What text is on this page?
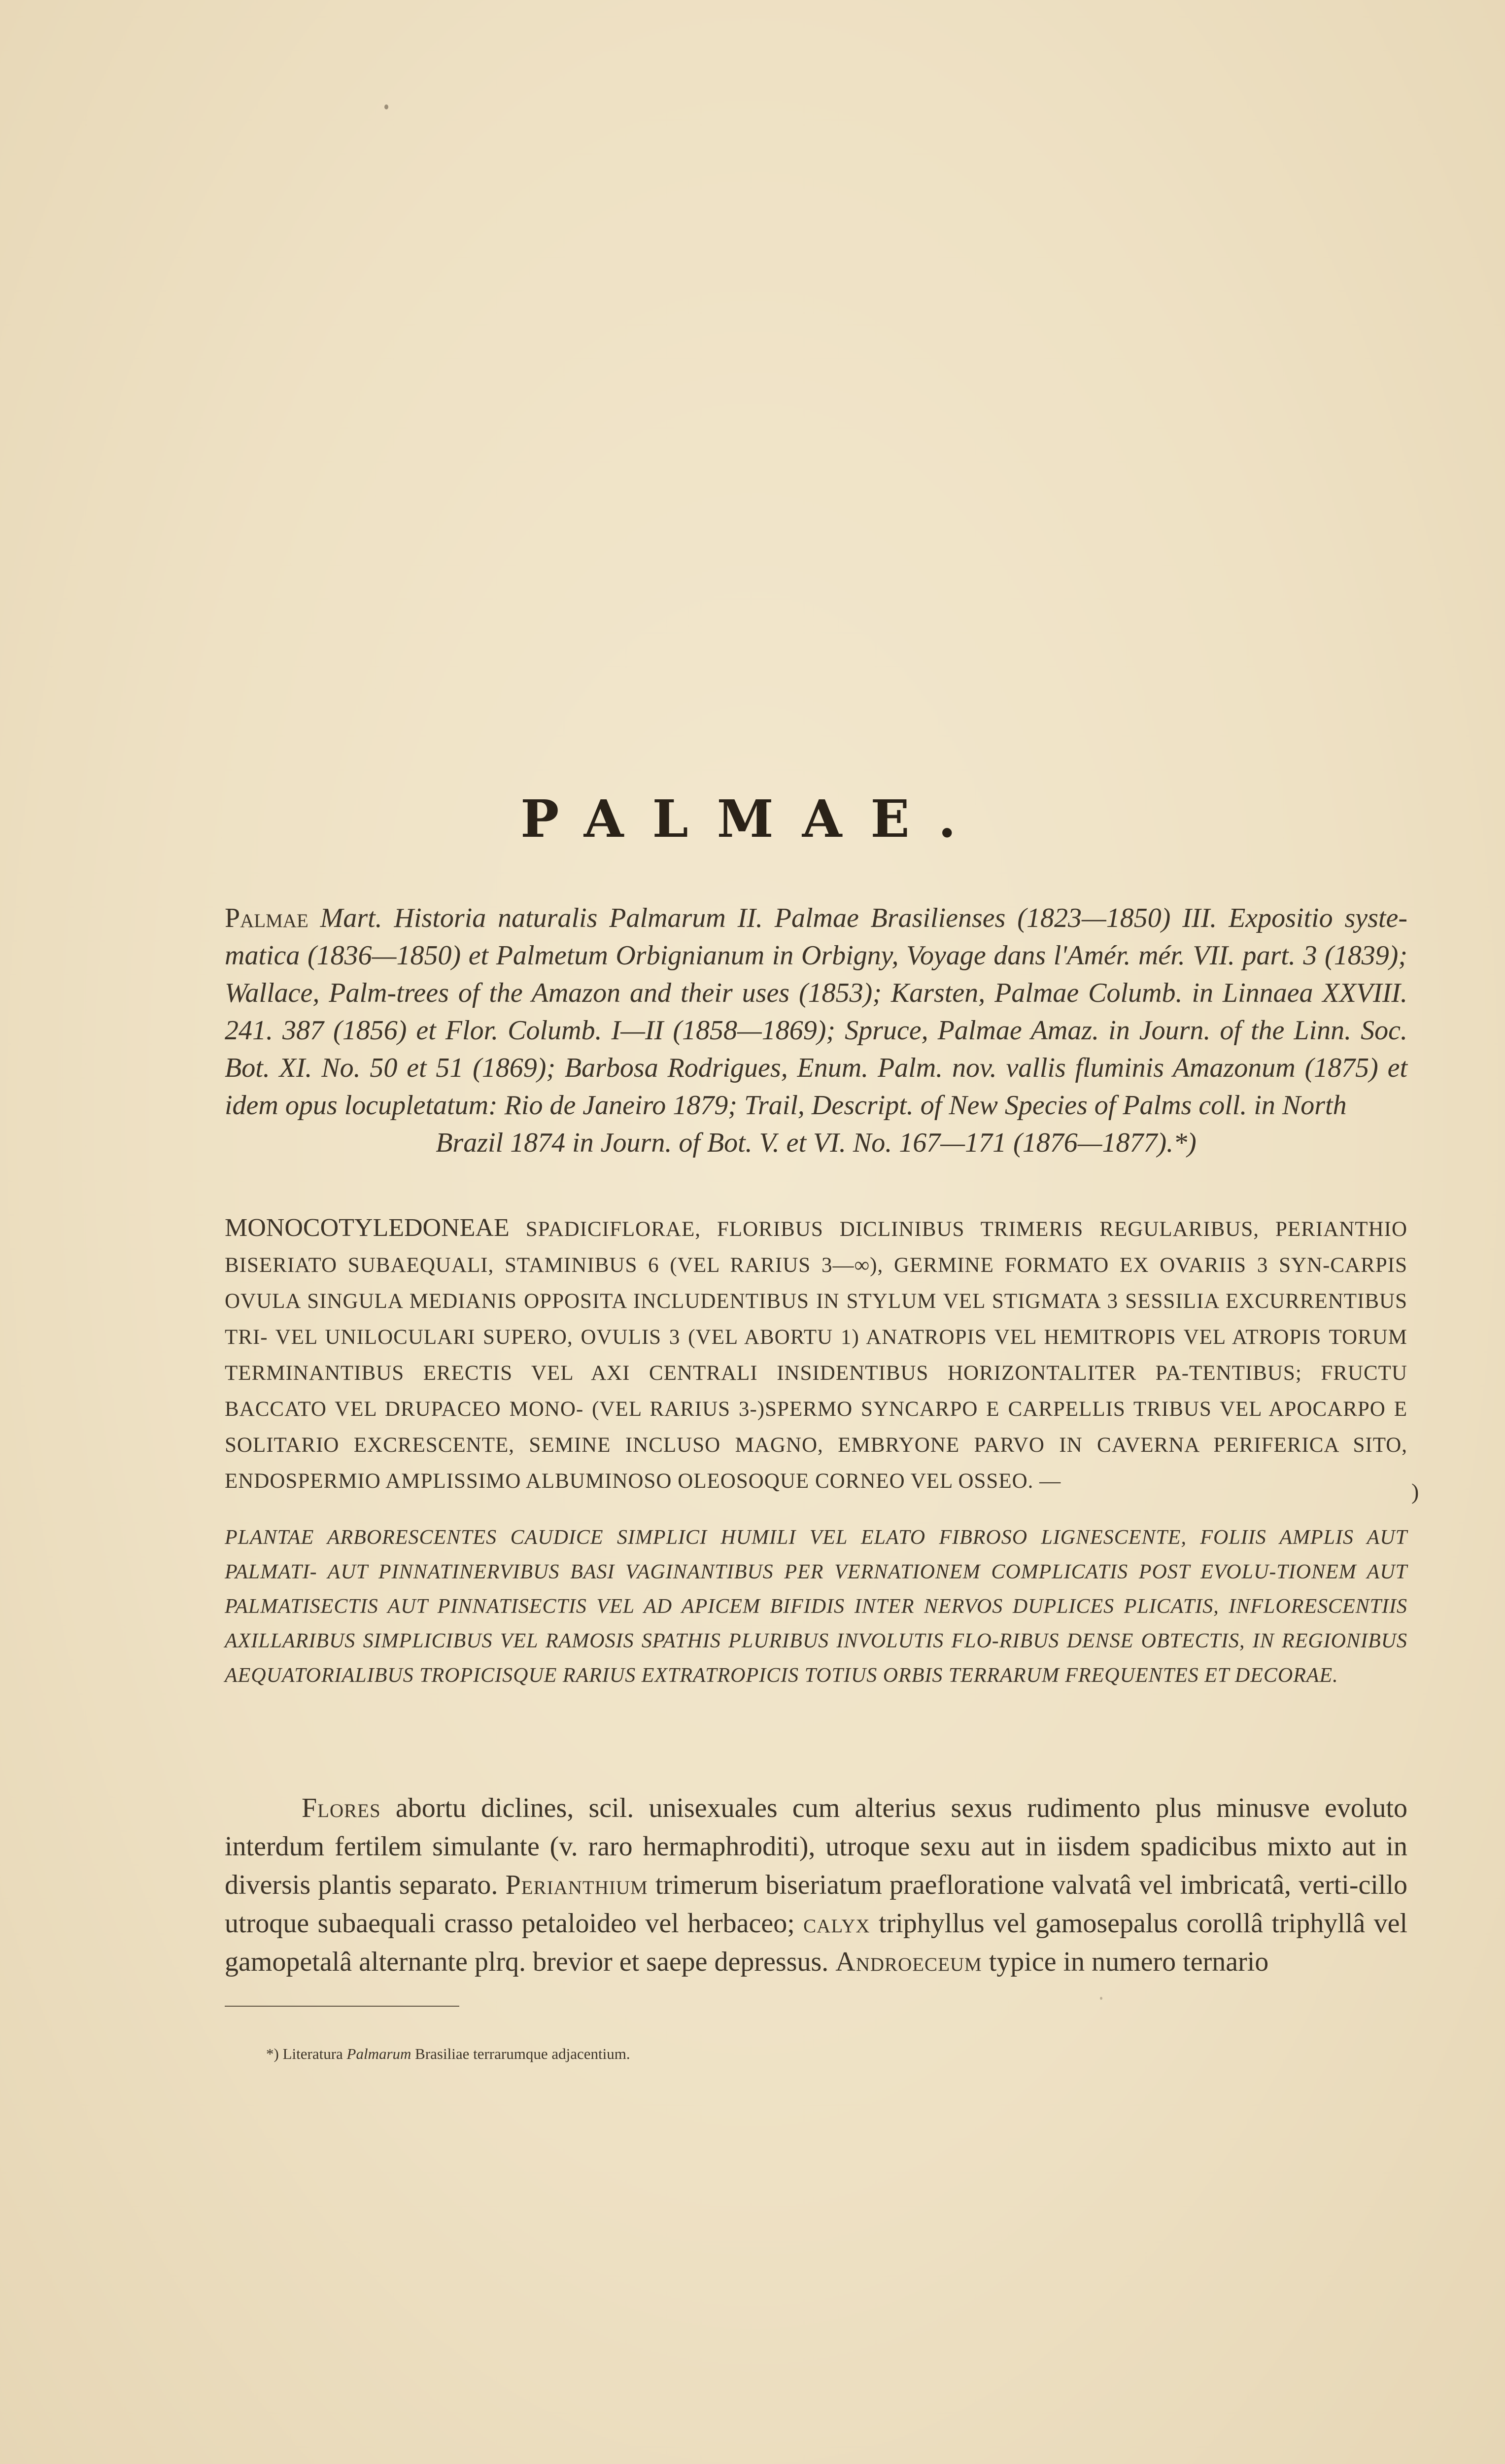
PALMAE.
Palmae Mart. Historia naturalis Palmarum II. Palmae Brasilienses (1823—1850) III. Expositio syste-matica (1836—1850) et Palmetum Orbignianum in Orbigny, Voyage dans l'Amér. mér. VII. part. 3 (1839); Wallace, Palm-trees of the Amazon and their uses (1853); Karsten, Palmae Columb. in Linnaea XXVIII. 241. 387 (1856) et Flor. Columb. I—II (1858—1869); Spruce, Palmae Amaz. in Journ. of the Linn. Soc. Bot. XI. No. 50 et 51 (1869); Barbosa Rodrigues, Enum. Palm. nov. vallis fluminis Amazonum (1875) et idem opus locupletatum: Rio de Janeiro 1879; Trail, Descript. of New Species of Palms coll. in North
Brazil 1874 in Journ. of Bot. V. et VI. No. 167—171 (1876—1877).*)
MONOCOTYLEDONEAE SPADICIFLORAE, FLORIBUS DICLINIBUS TRIMERIS REGULARIBUS, PERIANTHIO BISERIATO SUBAEQUALI, STAMINIBUS 6 (VEL RARIUS 3—∞), GERMINE FORMATO EX OVARIIS 3 SYN-CARPIS OVULA SINGULA MEDIANIS OPPOSITA INCLUDENTIBUS IN STYLUM VEL STIGMATA 3 SESSILIA EXCURRENTIBUS TRI- VEL UNILOCULARI SUPERO, OVULIS 3 (VEL ABORTU 1) ANATROPIS VEL HEMITROPIS VEL ATROPIS TORUM TERMINANTIBUS ERECTIS VEL AXI CENTRALI INSIDENTIBUS HORIZONTALITER PA-TENTIBUS; FRUCTU BACCATO VEL DRUPACEO MONO- (VEL RARIUS 3-)SPERMO SYNCARPO E CARPELLIS TRIBUS VEL APOCARPO E SOLITARIO EXCRESCENTE, SEMINE INCLUSO MAGNO, EMBRYONE PARVO IN CAVERNA PERIFERICA SITO, ENDOSPERMIO AMPLISSIMO ALBUMINOSO OLEOSOQUE CORNEO VEL OSSEO. —	)
PLANTAE ARBORESCENTES CAUDICE SIMPLICI HUMILI VEL ELATO FIBROSO LIGNESCENTE, FOLIIS AMPLIS AUT PALMATI- AUT PINNATINERVIBUS BASI VAGINANTIBUS PER VERNATIONEM COMPLICATIS POST EVOLU-TIONEM AUT PALMATISECTIS AUT PINNATISECTIS VEL AD APICEM BIFIDIS INTER NERVOS DUPLICES PLICATIS, INFLORESCENTIIS AXILLARIBUS SIMPLICIBUS VEL RAMOSIS SPATHIS PLURIBUS INVOLUTIS FLO-RIBUS DENSE OBTECTIS, IN REGIONIBUS AEQUATORIALIBUS TROPICISQUE RARIUS EXTRATROPICIS TOTIUS ORBIS TERRARUM FREQUENTES ET DECORAE.
Flores abortu diclines, scil. unisexuales cum alterius sexus rudimento plus minusve evoluto interdum fertilem simulante (v. raro hermaphroditi), utroque sexu aut in iisdem spadicibus mixto aut in diversis plantis separato. Perianthium trimerum biseriatum praefloratione valvatâ vel imbricatâ, verti-cillo utroque subaequali crasso petaloideo vel herbaceo; calyx triphyllus vel gamosepalus corollâ triphyllâ vel gamopetalâ alternante plrq. brevior et saepe depressus. Androeceum typice in numero ternario
*) Literatura Palmarum Brasiliae terrarumque adjacentium.
